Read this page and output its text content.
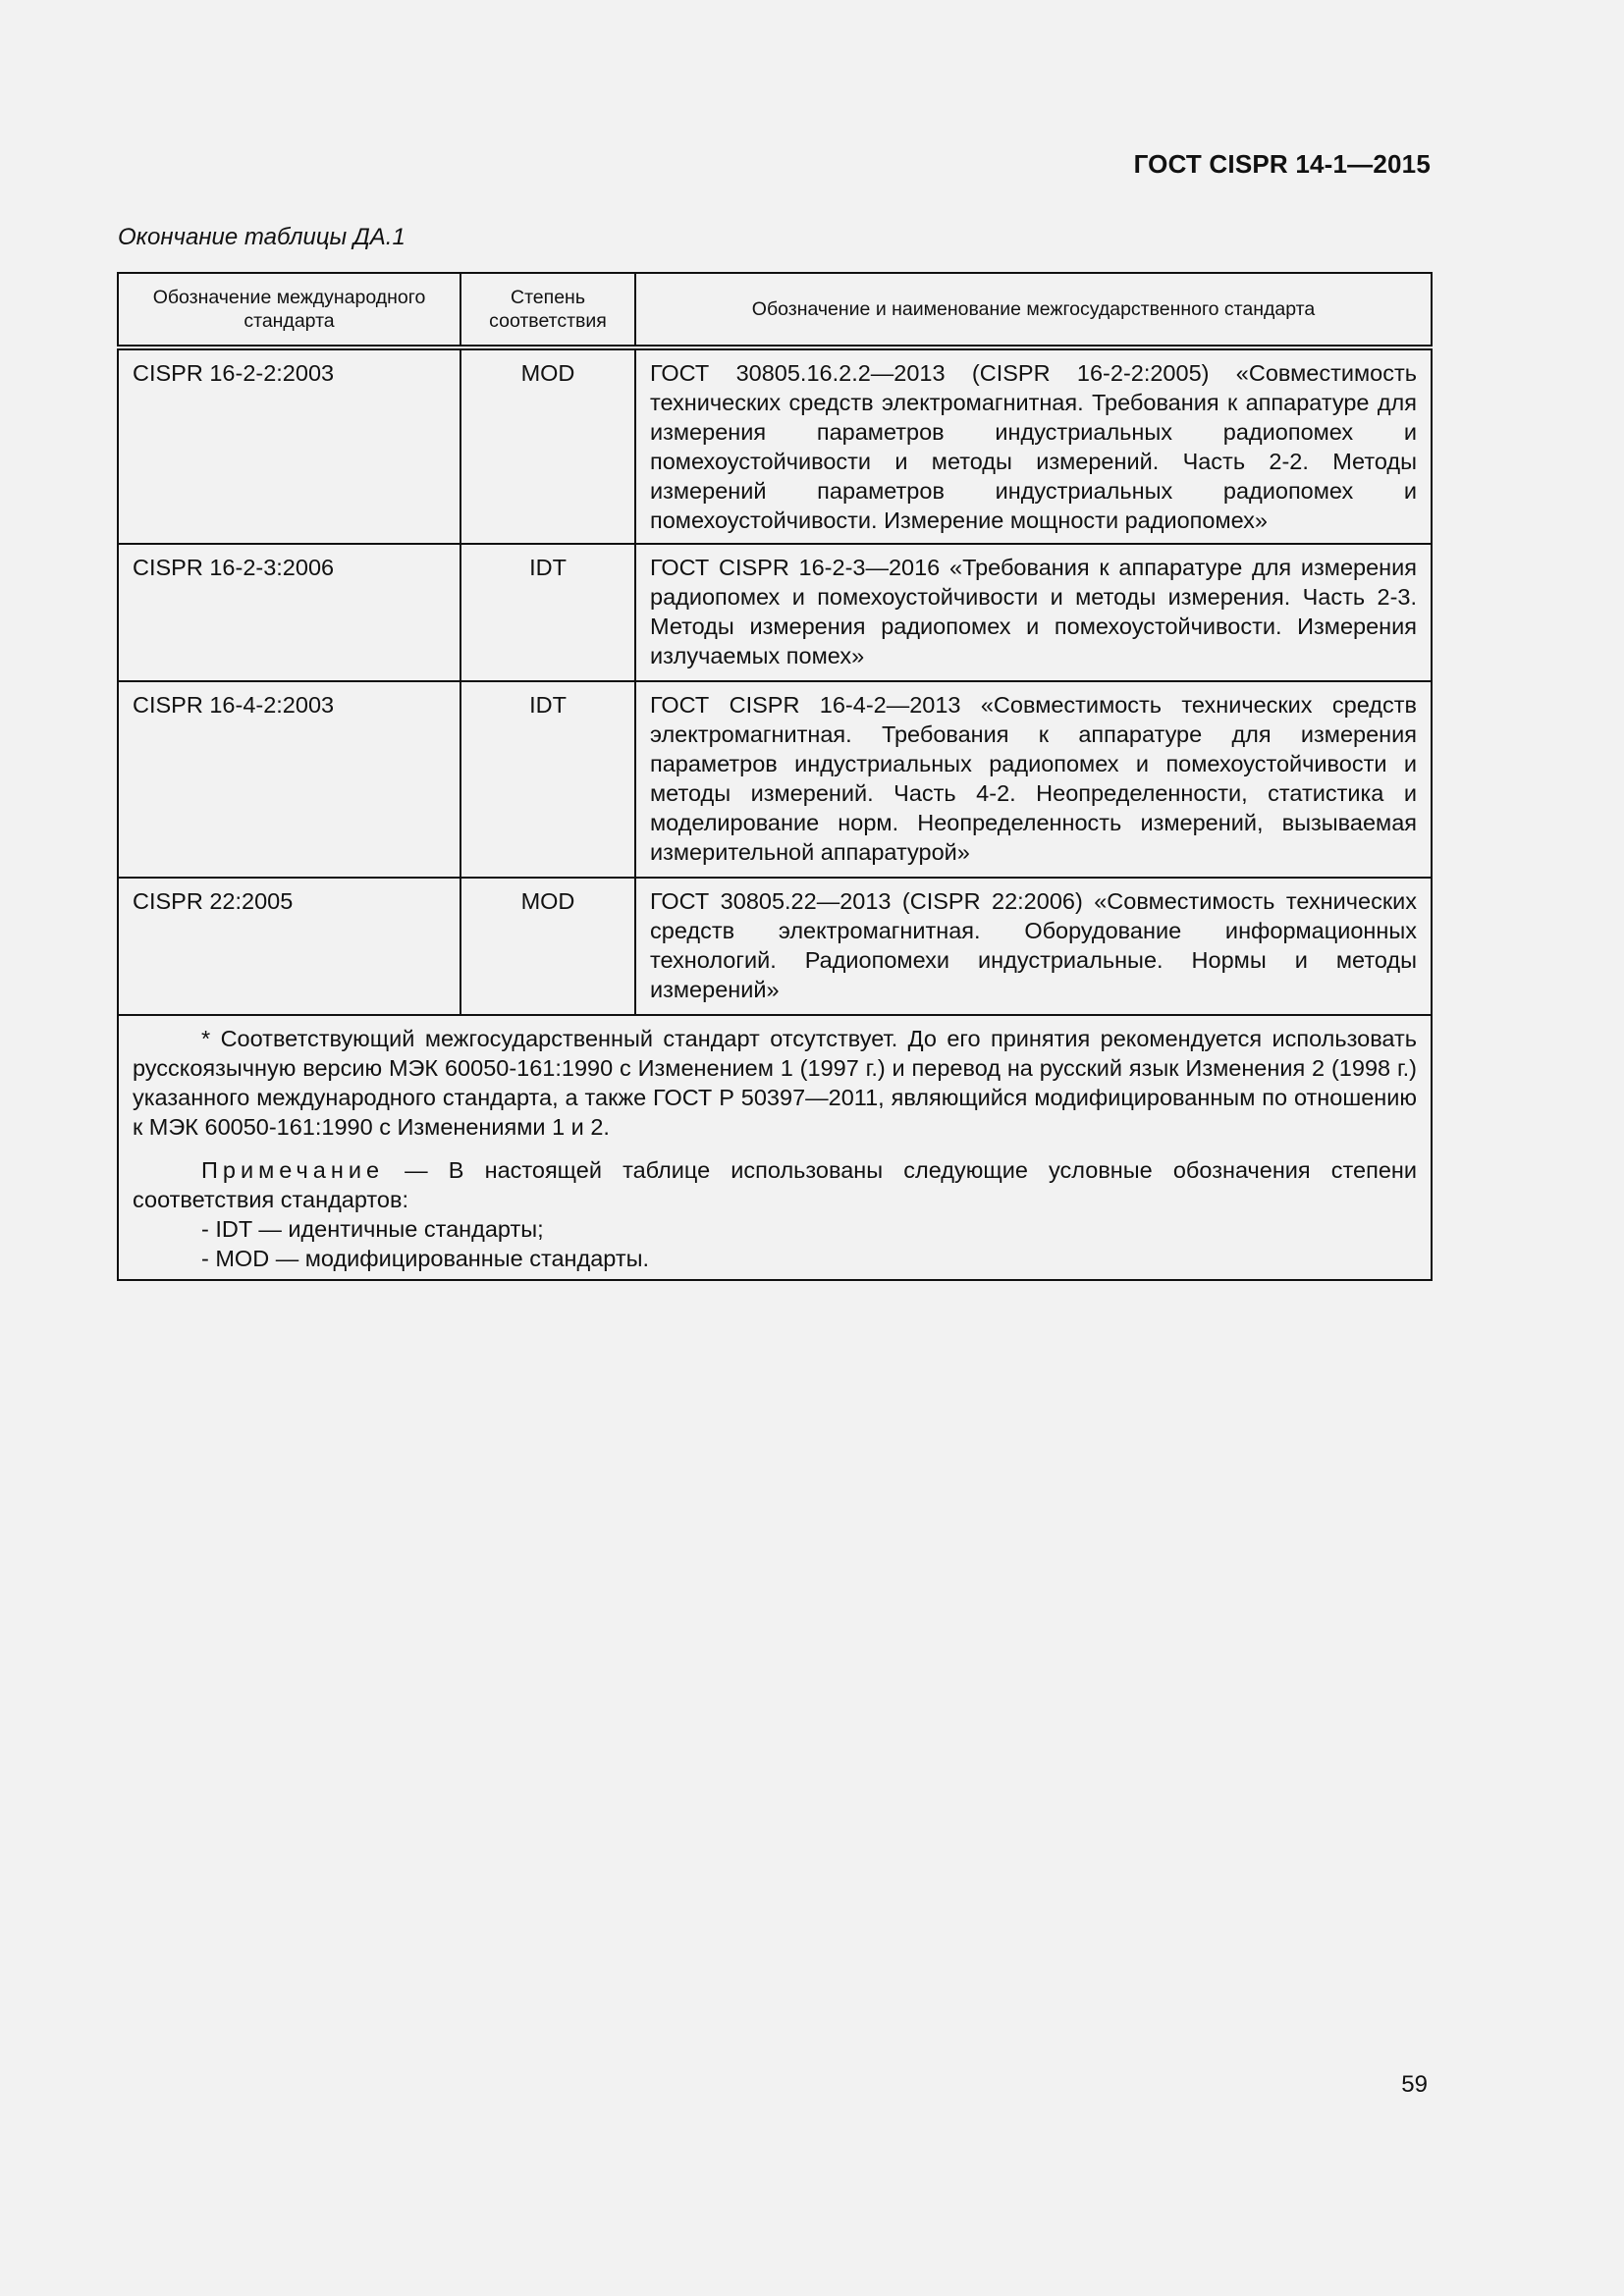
ГОСТ CISPR 14-1—2015
Окончание таблицы ДА.1
Обозначение международного стандарта	Степень соответствия	Обозначение и наименование межгосударственного стандарта
CISPR 16-2-2:2003	MOD	ГОСТ 30805.16.2.2—2013 (CISPR 16-2-2:2005) «Совместимость технических средств электромагнитная. Требования к аппаратуре для измерения параметров индустриальных радиопомех и помехоустойчивости и методы измерений. Часть 2-2. Методы измерений параметров индустриальных радиопомех и помехоустойчивости. Измерение мощности радиопомех»
CISPR 16-2-3:2006	IDT	ГОСТ CISPR 16-2-3—2016 «Требования к аппаратуре для измерения радиопомех и помехоустойчивости и методы измерения. Часть 2-3. Методы измерения радиопомех и помехоустойчивости. Измерения излучаемых помех»
CISPR 16-4-2:2003	IDT	ГОСТ CISPR 16-4-2—2013 «Совместимость технических средств электромагнитная. Требования к аппаратуре для измерения параметров индустриальных радиопомех и помехоустойчивости и методы измерений. Часть 4-2. Неопределенности, статистика и моделирование норм. Неопределенность измерений, вызываемая измерительной аппаратурой»
CISPR 22:2005	MOD	ГОСТ 30805.22—2013 (CISPR 22:2006) «Совместимость технических средств электромагнитная. Оборудование информационных технологий. Радиопомехи индустриальные. Нормы и методы измерений»

* Соответствующий межгосударственный стандарт отсутствует. До его принятия рекомендуется использовать русскоязычную версию МЭК 60050-161:1990 с Изменением 1 (1997 г.) и перевод на русский язык Изменения 2 (1998 г.) указанного международного стандарта, а также ГОСТ Р 50397—2011, являющийся модифицированным по отношению к МЭК 60050-161:1990 с Изменениями 1 и 2.

Примечание — В настоящей таблице использованы следующие условные обозначения степени соответствия стандартов:

- IDT — идентичные стандарты;

- MOD — модифицированные стандарты.		

59
